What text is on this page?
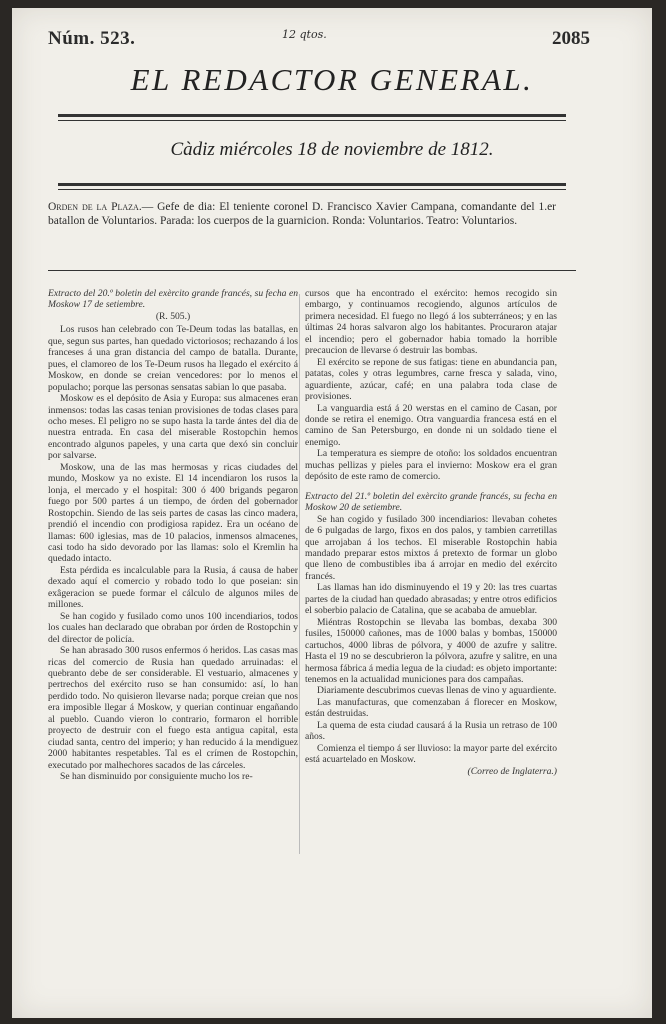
Núm. 523.	12 qtos.	2085
EL REDACTOR GENERAL.
Càdiz miércoles 18 de noviembre de 1812.
Orden de la Plaza.— Gefe de dia: El teniente coronel D. Francisco Xavier Campana, comandante del 1.er batallon de Voluntarios. Parada: los cuerpos de la guarnicion. Ronda: Voluntarios. Teatro: Voluntarios.

Extracto del 20.º boletin del exèrcito grande francés, su fecha en Moskow 17 de setiembre.

(R. 505.)

Los rusos han celebrado con Te-Deum todas las batallas, en que, segun sus partes, han quedado victoriosos; rechazando á los franceses á una gran distancia del campo de batalla. Durante, pues, el clamoreo de los Te-Deum rusos ha llegado el exército á Moskow, en donde se creian vencedores: por lo menos el populacho; porque las personas sensatas sabian lo que pasaba.

Moskow es el depósito de Asia y Europa: sus almacenes eran inmensos: todas las casas tenian provisiones de todas clases para ocho meses. El peligro no se supo hasta la tarde ántes del dia de nuestra entrada. En casa del miserable Rostopchin hemos encontrado algunos papeles, y una carta que dexó sin concluir por salvarse.

Moskow, una de las mas hermosas y ricas ciudades del mundo, Moskow ya no existe. El 14 incendiaron los rusos la lonja, el mercado y el hospital: 300 ó 400 brigands pegaron fuego por 500 partes á un tiempo, de órden del gobernador Rostopchin. Siendo de las seis partes de casas las cinco madera, prendió el incendio con prodigiosa rapidez. Era un océano de llamas: 600 iglesias, mas de 10 palacios, inmensos almacenes, casi todo ha sido devorado por las llamas: solo el Kremlin ha quedado intacto.

Esta pérdida es incalculable para la Rusia, á causa de haber dexado aquí el comercio y robado todo lo que poseian: sin exâgeracion se puede formar el cálculo de algunos miles de millones.

Se han cogido y fusilado como unos 100 incendiarios, todos los cuales han declarado que obraban por órden de Rostopchin y del director de policía.

Se han abrasado 300 rusos enfermos ó heridos. Las casas mas ricas del comercio de Rusia han quedado arruinadas: el quebranto debe de ser considerable. El vestuario, almacenes y pertrechos del exército ruso se han consumido: así, lo han perdido todo. No quisieron llevarse nada; porque creian que nos era imposible llegar á Moskow, y querian continuar engañando al pueblo. Cuando vieron lo contrario, formaron el horrible proyecto de destruir con el fuego esta antigua capital, esta ciudad santa, centro del imperio; y han reducido á la mendiguez 2000 habitantes respetables. Tal es el crímen de Rostopchin, executado por malhechores sacados de las cárceles.

Se han disminuido por consiguiente mucho los re-

cursos que ha encontrado el exército: hemos recogido sin embargo, y continuamos recogiendo, algunos artículos de primera necesidad. El fuego no llegó á los subterráneos; y en las últimas 24 horas salvaron algo los habitantes. Procuraron atajar el incendio; pero el gobernador habia tomado la horrible precaucion de llevarse ó destruir las bombas.

El exército se repone de sus fatigas: tiene en abundancia pan, patatas, coles y otras legumbres, carne fresca y salada, vino, aguardiente, azúcar, café; en una palabra toda clase de provisiones.

La vanguardia está á 20 werstas en el camino de Casan, por donde se retira el enemigo. Otra vanguardia francesa está en el camino de San Petersburgo, en donde ni un soldado tiene el enemigo.

La temperatura es siempre de otoño: los soldados encuentran muchas pellizas y pieles para el invierno: Moskow era el gran depósito de este ramo de comercio.

Extracto del 21.º boletin del exèrcito grande francés, su fecha en Moskow 20 de setiembre.

Se han cogido y fusilado 300 incendiarios: llevaban cohetes de 6 pulgadas de largo, fixos en dos palos, y tambien carretillas que arrojaban á los techos. El miserable Rostopchin habia mandado preparar estos mixtos á pretexto de formar un globo que lleno de combustibles iba á arrojar en medio del exército francés.

Las llamas han ido disminuyendo el 19 y 20: las tres cuartas partes de la ciudad han quedado abrasadas; y entre otros edificios el soberbio palacio de Catalina, que se acababa de amueblar.

Miéntras Rostopchin se llevaba las bombas, dexaba 300 fusiles, 150000 cañones, mas de 1000 balas y bombas, 150000 cartuchos, 4000 libras de pólvora, y 4000 de azufre y salitre. Hasta el 19 no se descubrieron la pólvora, azufre y salitre, en una hermosa fábrica á media legua de la ciudad: es objeto importante: tenemos en la actualidad municiones para dos campañas.

Diariamente descubrimos cuevas llenas de vino y aguardiente.

Las manufacturas, que comenzaban á florecer en Moskow, están destruidas.

La quema de esta ciudad causará á la Rusia un retraso de 100 años.

Comienza el tiempo á ser lluvioso: la mayor parte del exército está acuartelado en Moskow.

(Correo de Inglaterra.)
